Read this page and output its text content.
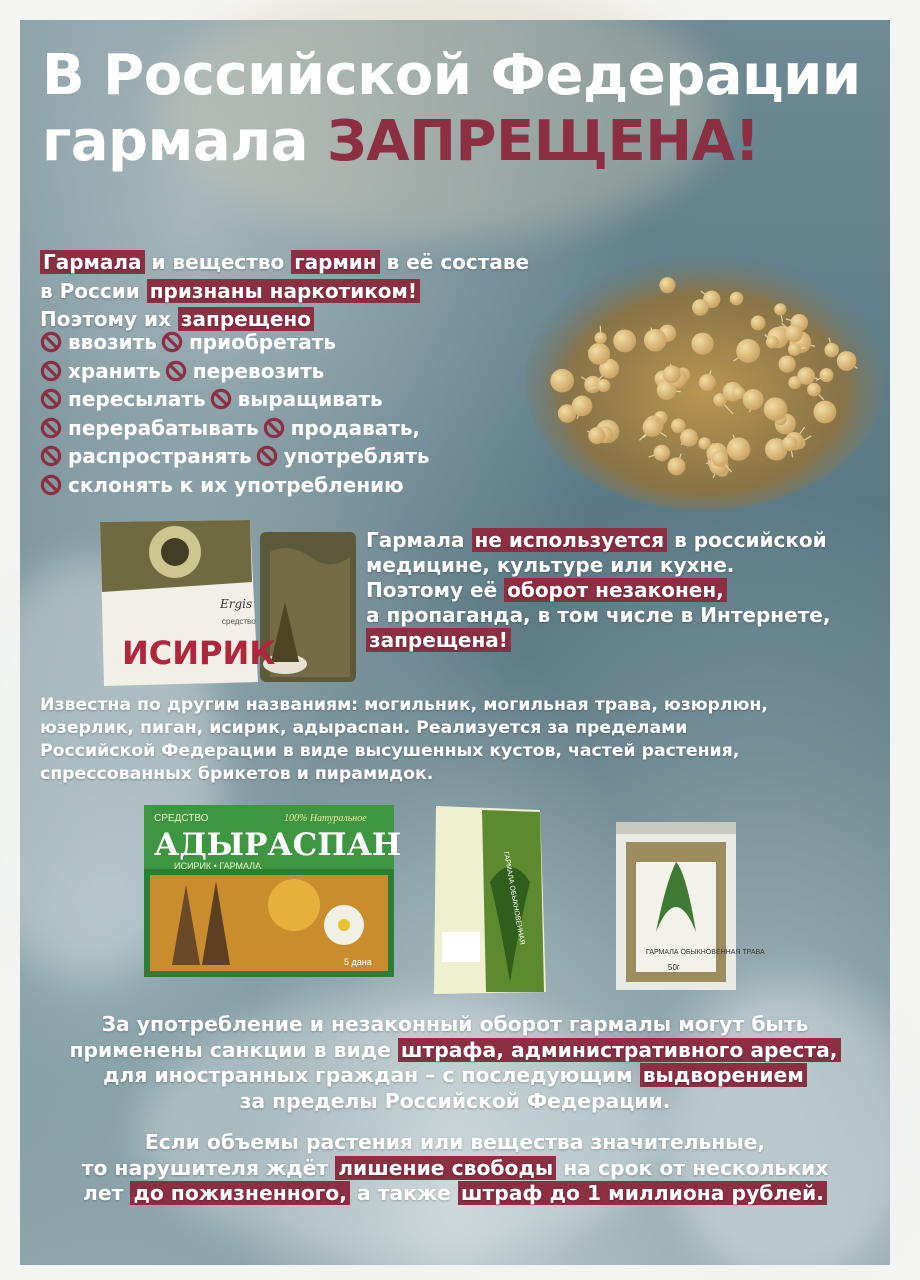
В Российской Федерации
гармала ЗАПРЕЩЕНА!
Гармала и вещество гармин в её составе
в России признаны наркотиком!
Поэтому их запрещено
ввозить приобретать
хранить перевозить
пересылать выращивать
перерабатывать продавать,
распространять употреблять
склонять к их употреблению
Ergis
средство
ИСИРИК
Гармала не используется в российской
медицине, культуре или кухне.
Поэтому её оборот незаконен,
а пропаганда, в том числе в Интернете,
запрещена!
Известна по другим названиям: могильник, могильная трава, юзюрлюн,
юзерлик, пиган, исирик, адыраспан. Реализуется за пределами
Российской Федерации в виде высушенных кустов, частей растения,
спрессованных брикетов и пирамидок.
СРЕДСТВО	100% Натуральное
АДЫРАСПАН
ИСИРИК • ГАРМАЛА
5 дана
ГАРМАЛА ОБЫКНОВЕННАЯ
ГАРМАЛА ОБЫКНОВЕННАЯ ТРАВА
50г
За употребление и незаконный оборот гармалы могут быть
применены санкции в виде штрафа, административного ареста,
для иностранных граждан – с последующим выдворением
за пределы Российской Федерации.
Если объемы растения или вещества значительные,
то нарушителя ждёт лишение свободы на срок от нескольких
лет до пожизненного, а также штраф до 1 миллиона рублей.
